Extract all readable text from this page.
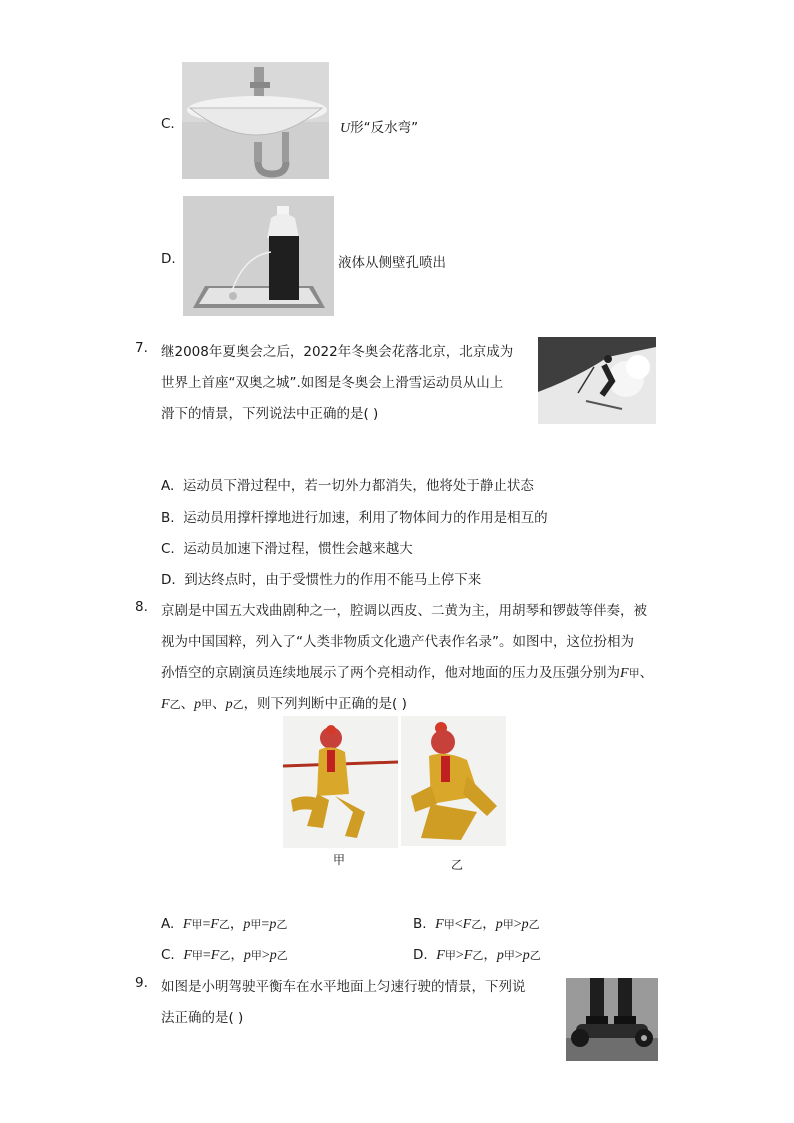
C.	U形“反水弯”
D.	液体从侧壁孔喷出
7. 继2008年夏奥会之后，2022年冬奥会花落北京，北京成为
世界上首座“双奥之城”.如图是冬奥会上滑雪运动员从山上
滑下的情景，下列说法中正确的是( )
A. 运动员下滑过程中，若一切外力都消失，他将处于静止状态
B. 运动员用撑杆撑地进行加速，利用了物体间力的作用是相互的
C. 运动员加速下滑过程，惯性会越来越大
D. 到达终点时，由于受惯性力的作用不能马上停下来
8. 京剧是中国五大戏曲剧种之一，腔调以西皮、二黄为主，用胡琴和锣鼓等伴奏，被
视为中国国粹，列入了“人类非物质文化遗产代表作名录”。如图中，这位扮相为
孙悟空的京剧演员连续地展示了两个亮相动作，他对地面的压力及压强分别为F甲、
F乙、p甲、p乙，则下列判断中正确的是( )
甲	乙
A. F甲=F乙，p甲=p乙	B. F甲<F乙，p甲>p乙
C. F甲=F乙，p甲>p乙	D. F甲>F乙，p甲>p乙
9. 如图是小明驾驶平衡车在水平地面上匀速行驶的情景，下列说
法正确的是( )
